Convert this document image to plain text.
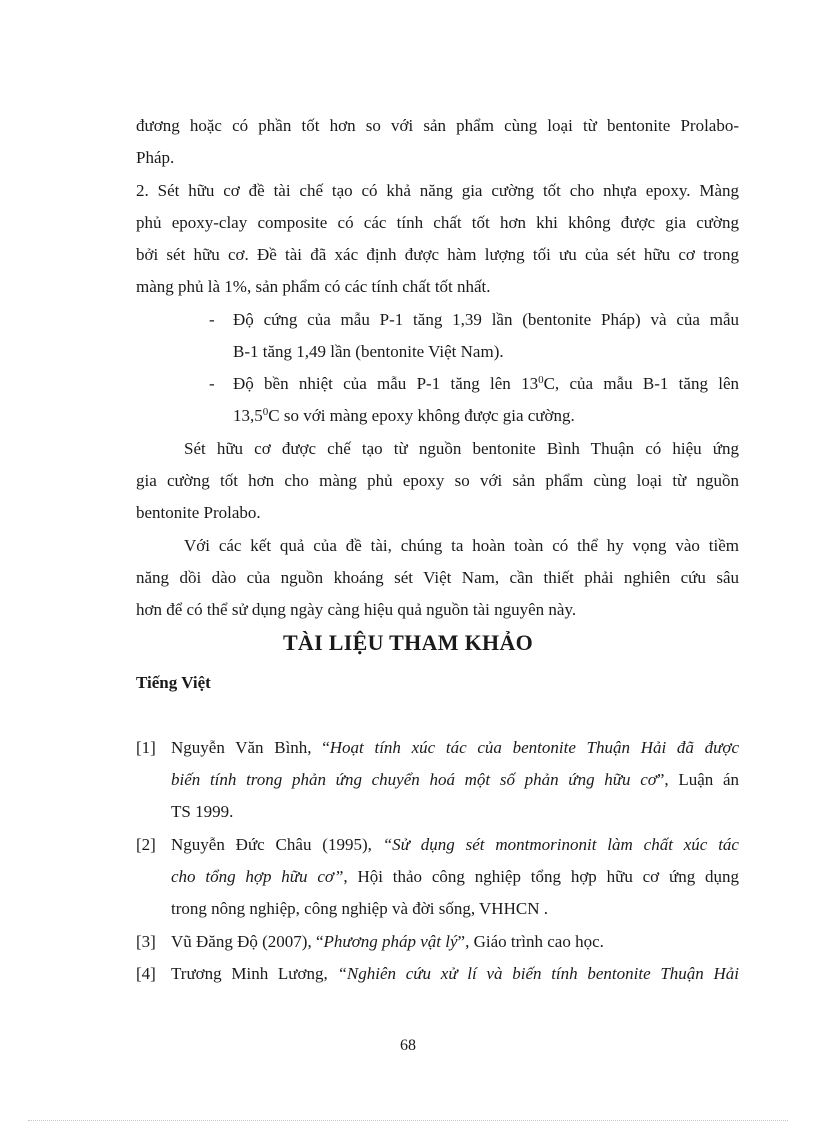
đương hoặc có phần tốt hơn so với sản phẩm cùng loại từ bentonite Prolabo-
Pháp.
2. Sét hữu cơ đề tài chế tạo có khả năng gia cường tốt cho nhựa epoxy. Màng
phủ epoxy-clay composite có các tính chất tốt hơn khi không được gia cường
bởi sét hữu cơ. Đề tài đã xác định được hàm lượng tối ưu của sét hữu cơ trong
màng phủ là 1%, sản phẩm có các tính chất tốt nhất.
- Độ cứng của mẫu P-1 tăng 1,39 lần (bentonite Pháp) và của mẫu
B-1 tăng 1,49 lần (bentonite Việt Nam).
- Độ bền nhiệt của mẫu P-1 tăng lên $13^0C$, của mẫu B-1 tăng lên
13,5$^0$C so với màng epoxy không được gia cường.
Sét hữu cơ được chế tạo từ nguồn bentonite Bình Thuận có hiệu ứng
gia cường tốt hơn cho màng phủ epoxy so với sản phẩm cùng loại từ nguồn
bentonite Prolabo.
Với các kết quả của đề tài, chúng ta hoàn toàn có thể hy vọng vào tiềm
năng dồi dào của nguồn khoáng sét Việt Nam, cần thiết phải nghiên cứu sâu
hơn để có thể sử dụng ngày càng hiệu quả nguồn tài nguyên này.
TÀI LIỆU THAM KHẢO
Tiếng Việt
[1] Nguyễn Văn Bình, “Hoạt tính xúc tác của bentonite Thuận Hải đã được
biến tính trong phản ứng chuyển hoá một số phản ứng hữu cơ”, Luận án
TS 1999.
[2] Nguyễn Đức Châu (1995), “Sử dụng sét montmorinonit làm chất xúc tác
cho tổng hợp hữu cơ”, Hội thảo công nghiệp tổng hợp hữu cơ ứng dụng
trong nông nghiệp, công nghiệp và đời sống, VHHCN .
[3] Vũ Đăng Độ (2007), “Phương pháp vật lý”, Giáo trình cao học.
[4] Trương Minh Lương, “Nghiên cứu xử lí và biến tính bentonite Thuận Hải
68
